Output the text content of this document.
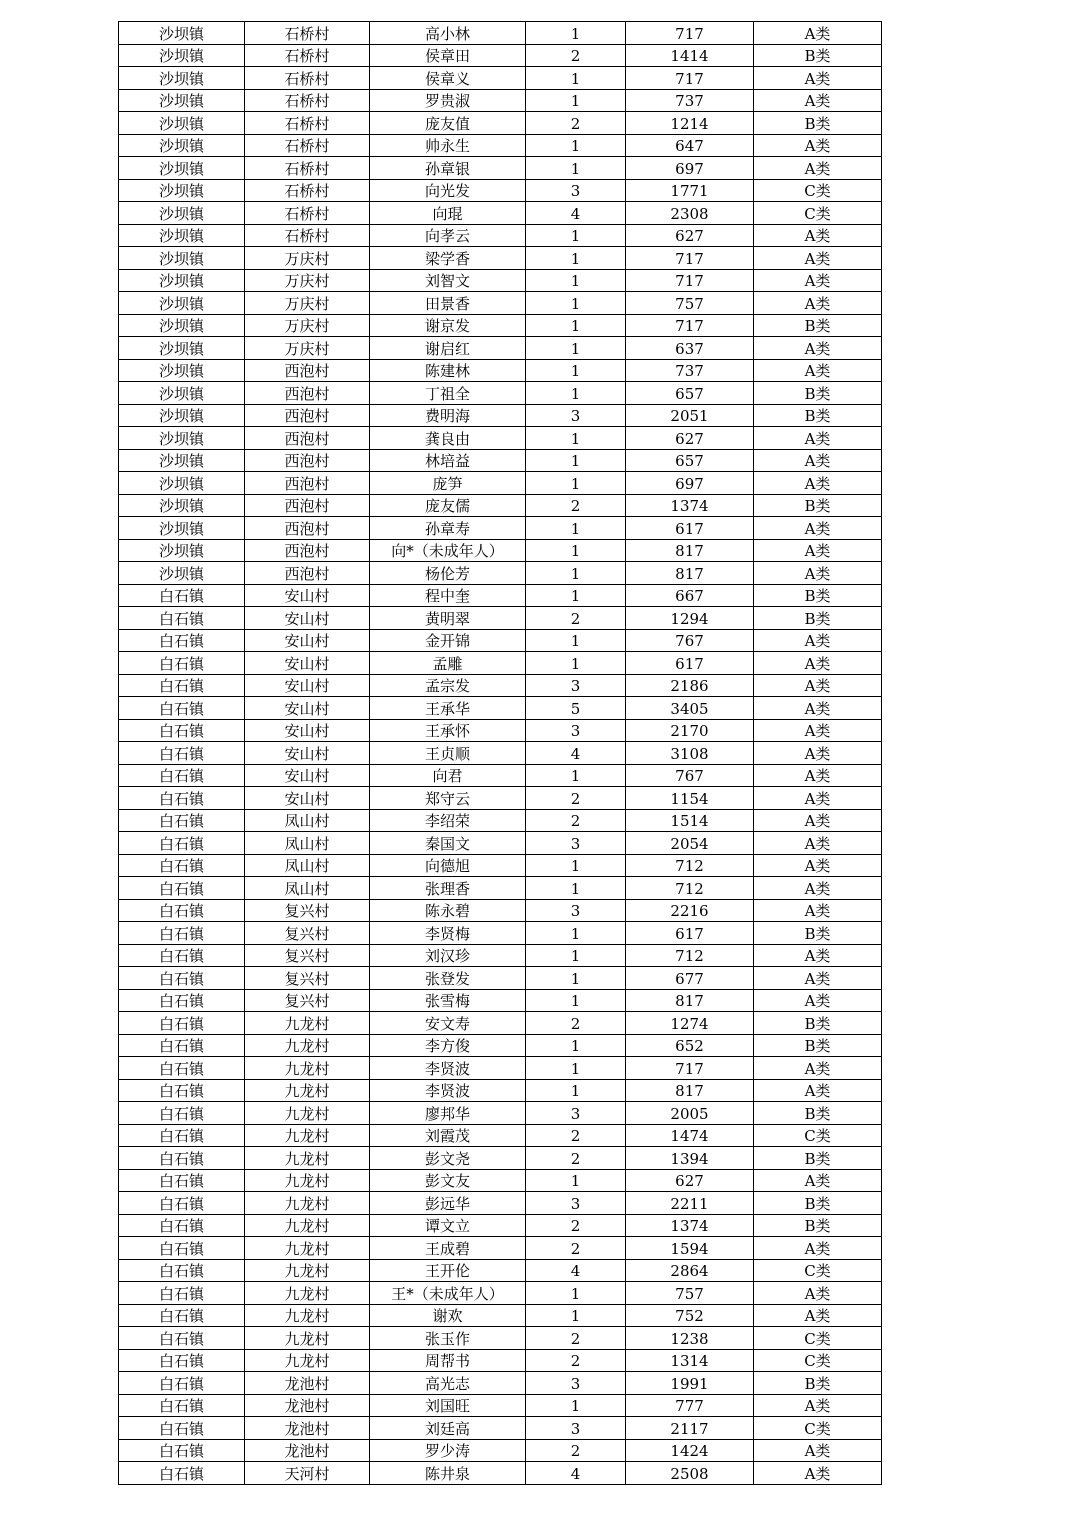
沙坝镇	石桥村	高小林	1	717	A类
沙坝镇	石桥村	侯章田	2	1414	B类
沙坝镇	石桥村	侯章义	1	717	A类
沙坝镇	石桥村	罗贵淑	1	737	A类
沙坝镇	石桥村	庞友值	2	1214	B类
沙坝镇	石桥村	帅永生	1	647	A类
沙坝镇	石桥村	孙章银	1	697	A类
沙坝镇	石桥村	向光发	3	1771	C类
沙坝镇	石桥村	向琨	4	2308	C类
沙坝镇	石桥村	向孝云	1	627	A类
沙坝镇	万庆村	梁学香	1	717	A类
沙坝镇	万庆村	刘智文	1	717	A类
沙坝镇	万庆村	田景香	1	757	A类
沙坝镇	万庆村	谢京发	1	717	B类
沙坝镇	万庆村	谢启红	1	637	A类
沙坝镇	西泡村	陈建林	1	737	A类
沙坝镇	西泡村	丁祖全	1	657	B类
沙坝镇	西泡村	费明海	3	2051	B类
沙坝镇	西泡村	龚良由	1	627	A类
沙坝镇	西泡村	林培益	1	657	A类
沙坝镇	西泡村	庞笋	1	697	A类
沙坝镇	西泡村	庞友儒	2	1374	B类
沙坝镇	西泡村	孙章寿	1	617	A类
沙坝镇	西泡村	向*（未成年人）	1	817	A类
沙坝镇	西泡村	杨伦芳	1	817	A类
白石镇	安山村	程中奎	1	667	B类
白石镇	安山村	黄明翠	2	1294	B类
白石镇	安山村	金开锦	1	767	A类
白石镇	安山村	孟雕	1	617	A类
白石镇	安山村	孟宗发	3	2186	A类
白石镇	安山村	王承华	5	3405	A类
白石镇	安山村	王承怀	3	2170	A类
白石镇	安山村	王贞顺	4	3108	A类
白石镇	安山村	向君	1	767	A类
白石镇	安山村	郑守云	2	1154	A类
白石镇	凤山村	李绍荣	2	1514	A类
白石镇	凤山村	秦国文	3	2054	A类
白石镇	凤山村	向德旭	1	712	A类
白石镇	凤山村	张理香	1	712	A类
白石镇	复兴村	陈永碧	3	2216	A类
白石镇	复兴村	李贤梅	1	617	B类
白石镇	复兴村	刘汉珍	1	712	A类
白石镇	复兴村	张登发	1	677	A类
白石镇	复兴村	张雪梅	1	817	A类
白石镇	九龙村	安文寿	2	1274	B类
白石镇	九龙村	李方俊	1	652	B类
白石镇	九龙村	李贤波	1	717	A类
白石镇	九龙村	李贤波	1	817	A类
白石镇	九龙村	廖邦华	3	2005	B类
白石镇	九龙村	刘霞茂	2	1474	C类
白石镇	九龙村	彭文尧	2	1394	B类
白石镇	九龙村	彭文友	1	627	A类
白石镇	九龙村	彭远华	3	2211	B类
白石镇	九龙村	谭文立	2	1374	B类
白石镇	九龙村	王成碧	2	1594	A类
白石镇	九龙村	王开伦	4	2864	C类
白石镇	九龙村	王*（未成年人）	1	757	A类
白石镇	九龙村	谢欢	1	752	A类
白石镇	九龙村	张玉作	2	1238	C类
白石镇	九龙村	周帮书	2	1314	C类
白石镇	龙池村	高光志	3	1991	B类
白石镇	龙池村	刘国旺	1	777	A类
白石镇	龙池村	刘廷高	3	2117	C类
白石镇	龙池村	罗少涛	2	1424	A类
白石镇	天河村	陈井泉	4	2508	A类
